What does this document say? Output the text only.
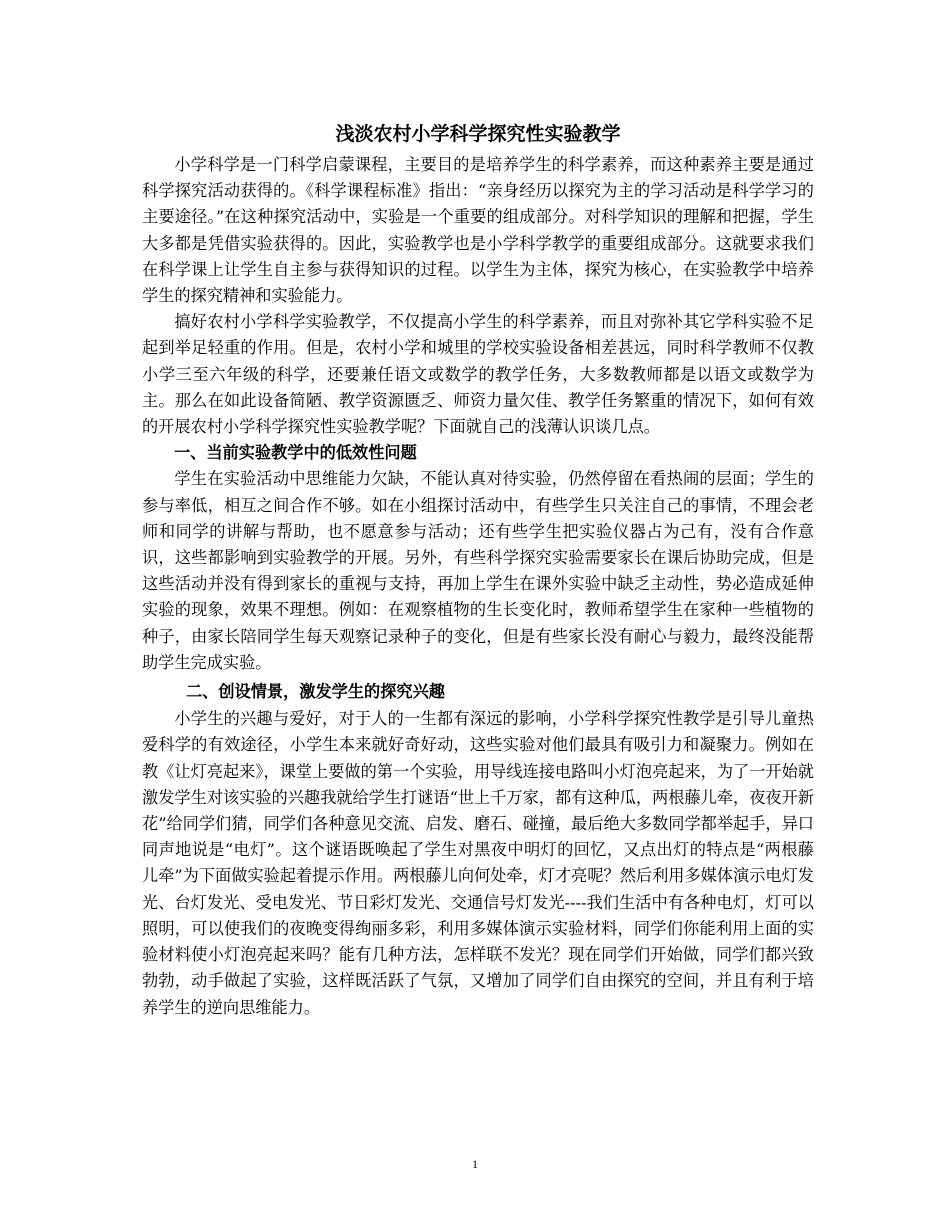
浅淡农村小学科学探究性实验教学

小学科学是一门科学启蒙课程，主要目的是培养学生的科学素养，而这种素养主要是通过科学探究活动获得的。《科学课程标准》指出：“亲身经历以探究为主的学习活动是科学学习的主要途径。”在这种探究活动中，实验是一个重要的组成部分。对科学知识的理解和把握，学生大多都是凭借实验获得的。因此，实验教学也是小学科学教学的重要组成部分。这就要求我们在科学课上让学生自主参与获得知识的过程。以学生为主体，探究为核心，在实验教学中培养学生的探究精神和实验能力。

搞好农村小学科学实验教学，不仅提高小学生的科学素养，而且对弥补其它学科实验不足起到举足轻重的作用。但是，农村小学和城里的学校实验设备相差甚远，同时科学教师不仅教小学三至六年级的科学，还要兼任语文或数学的教学任务，大多数教师都是以语文或数学为主。那么在如此设备简陋、教学资源匮乏、师资力量欠佳、教学任务繁重的情况下，如何有效的开展农村小学科学探究性实验教学呢？下面就自己的浅薄认识谈几点。

一、当前实验教学中的低效性问题

学生在实验活动中思维能力欠缺，不能认真对待实验，仍然停留在看热闹的层面；学生的参与率低，相互之间合作不够。如在小组探讨活动中，有些学生只关注自己的事情，不理会老师和同学的讲解与帮助，也不愿意参与活动；还有些学生把实验仪器占为己有，没有合作意识，这些都影响到实验教学的开展。另外，有些科学探究实验需要家长在课后协助完成，但是这些活动并没有得到家长的重视与支持，再加上学生在课外实验中缺乏主动性，势必造成延伸实验的现象，效果不理想。例如：在观察植物的生长变化时，教师希望学生在家种一些植物的种子，由家长陪同学生每天观察记录种子的变化，但是有些家长没有耐心与毅力，最终没能帮助学生完成实验。

二、创设情景，激发学生的探究兴趣

小学生的兴趣与爱好，对于人的一生都有深远的影响，小学科学探究性教学是引导儿童热爱科学的有效途径，小学生本来就好奇好动，这些实验对他们最具有吸引力和凝聚力。例如在教《让灯亮起来》，课堂上要做的第一个实验，用导线连接电路叫小灯泡亮起来，为了一开始就激发学生对该实验的兴趣我就给学生打谜语“世上千万家，都有这种瓜，两根藤儿牵，夜夜开新花”给同学们猜，同学们各种意见交流、启发、磨石、碰撞，最后绝大多数同学都举起手，异口同声地说是“电灯”。这个谜语既唤起了学生对黑夜中明灯的回忆，又点出灯的特点是“两根藤儿牵”为下面做实验起着提示作用。两根藤儿向何处牵，灯才亮呢？然后利用多媒体演示电灯发光、台灯发光、受电发光、节日彩灯发光、交通信号灯发光----我们生活中有各种电灯，灯可以照明，可以使我们的夜晚变得绚丽多彩，利用多媒体演示实验材料，同学们你能利用上面的实验材料使小灯泡亮起来吗？能有几种方法，怎样联不发光？现在同学们开始做，同学们都兴致勃勃，动手做起了实验，这样既活跃了气氛，又增加了同学们自由探究的空间，并且有利于培养学生的逆向思维能力。

1
